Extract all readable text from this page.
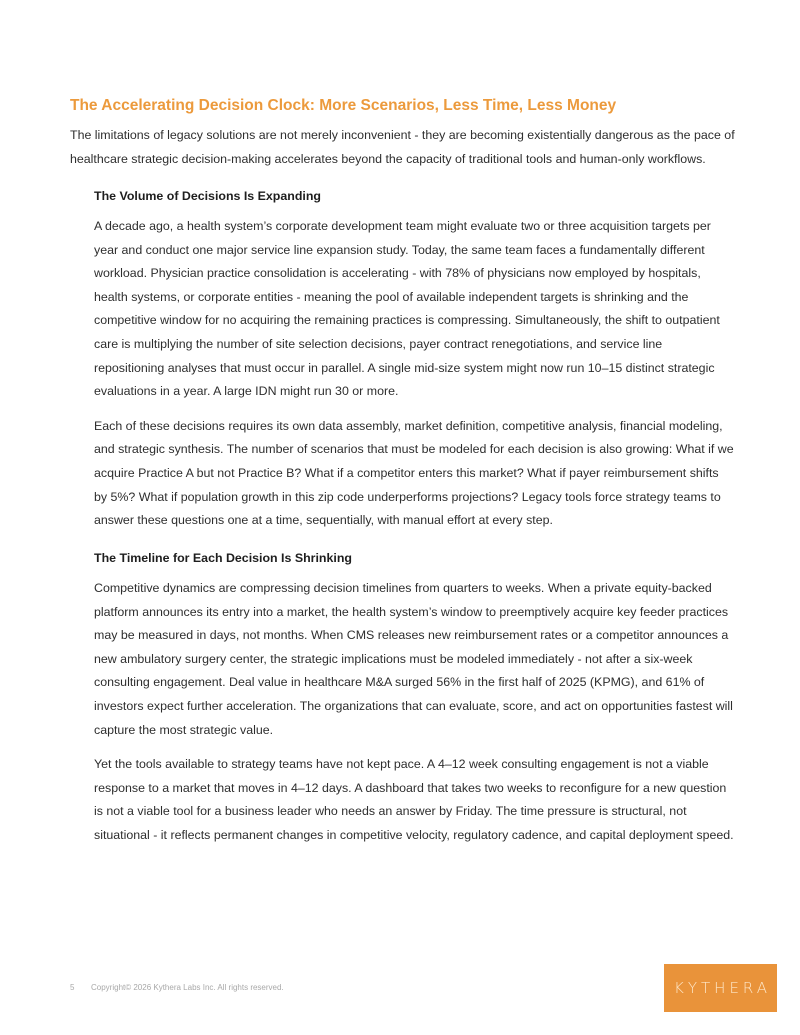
The Accelerating Decision Clock: More Scenarios, Less Time, Less Money

The limitations of legacy solutions are not merely inconvenient - they are becoming existentially dangerous as the pace of healthcare strategic decision-making accelerates beyond the capacity of traditional tools and human-only workflows.

The Volume of Decisions Is Expanding

A decade ago, a health system’s corporate development team might evaluate two or three acquisition targets per year and conduct one major service line expansion study. Today, the same team faces a fundamentally different workload. Physician practice consolidation is accelerating - with 78% of physicians now employed by hospitals, health systems, or corporate entities - meaning the pool of available independent targets is shrinking and the competitive window for no acquiring the remaining practices is compressing. Simultaneously, the shift to outpatient care is multiplying the number of site selection decisions, payer contract renegotiations, and service line repositioning analyses that must occur in parallel. A single mid-size system might now run 10–15 distinct strategic evaluations in a year. A large IDN might run 30 or more.

Each of these decisions requires its own data assembly, market definition, competitive analysis, financial modeling, and strategic synthesis. The number of scenarios that must be modeled for each decision is also growing: What if we acquire Practice A but not Practice B? What if a competitor enters this market? What if payer reimbursement shifts by 5%? What if population growth in this zip code underperforms projections? Legacy tools force strategy teams to answer these questions one at a time, sequentially, with manual effort at every step.

The Timeline for Each Decision Is Shrinking

Competitive dynamics are compressing decision timelines from quarters to weeks. When a private equity-backed platform announces its entry into a market, the health system’s window to preemptively acquire key feeder practices may be measured in days, not months. When CMS releases new reimbursement rates or a competitor announces a new ambulatory surgery center, the strategic implications must be modeled immediately - not after a six-week consulting engagement. Deal value in healthcare M&A surged 56% in the first half of 2025 (KPMG), and 61% of investors expect further acceleration. The organizations that can evaluate, score, and act on opportunities fastest will capture the most strategic value.

Yet the tools available to strategy teams have not kept pace. A 4–12 week consulting engagement is not a viable response to a market that moves in 4–12 days. A dashboard that takes two weeks to reconfigure for a new question is not a viable tool for a business leader who needs an answer by Friday. The time pressure is structural, not situational - it reflects permanent changes in competitive velocity, regulatory cadence, and capital deployment speed.

5 Copyright© 2026 Kythera Labs Inc. All rights reserved.	KYTHERA
